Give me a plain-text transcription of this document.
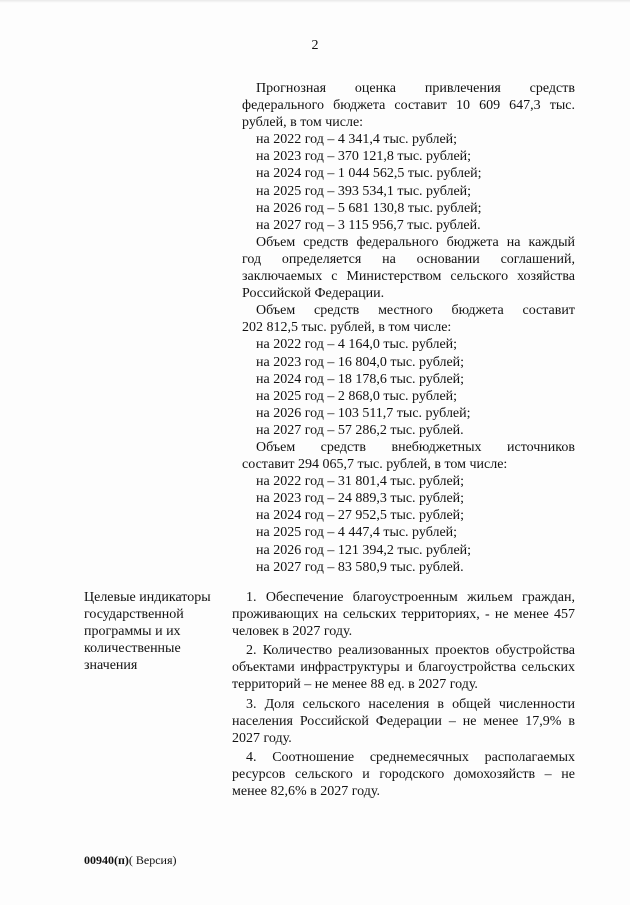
2

Прогнозная оценка привлечения средств

федерального бюджета составит 10 609 647,3 тыс.

рублей, в том числе:

на 2022 год – 4 341,4 тыс. рублей;
на 2023 год – 370 121,8 тыс. рублей;
на 2024 год – 1 044 562,5 тыс. рублей;
на 2025 год – 393 534,1 тыс. рублей;
на 2026 год – 5 681 130,8 тыс. рублей;
на 2027 год – 3 115 956,7 тыс. рублей.

Объем средств федерального бюджета на каждый год определяется на основании соглашений, заключаемых с Министерством сельского хозяйства Российской Федерации.

Объем средств местного бюджета составит

202 812,5 тыс. рублей, в том числе:

на 2022 год – 4 164,0 тыс. рублей;
на 2023 год – 16 804,0 тыс. рублей;
на 2024 год – 18 178,6 тыс. рублей;
на 2025 год – 2 868,0 тыс. рублей;
на 2026 год – 103 511,7 тыс. рублей;
на 2027 год – 57 286,2 тыс. рублей.

Объем средств внебюджетных источников

составит 294 065,7 тыс. рублей, в том числе:

на 2022 год – 31 801,4 тыс. рублей;
на 2023 год – 24 889,3 тыс. рублей;
на 2024 год – 27 952,5 тыс. рублей;
на 2025 год – 4 447,4 тыс. рублей;
на 2026 год – 121 394,2 тыс. рублей;
на 2027 год – 83 580,9 тыс. рублей.
Целевые индикаторы государственной программы и их количественные значения

1. Обеспечение благоустроенным жильем граждан, проживающих на сельских территориях, - не менее 457 человек в 2027 году.

2. Количество реализованных проектов обустройства объектами инфраструктуры и благоустройства сельских территорий – не менее 88 ед. в 2027 году.

3. Доля сельского населения в общей численности населения Российской Федерации – не менее 17,9% в 2027 году.

4. Соотношение среднемесячных располагаемых ресурсов сельского и городского домохозяйств – не менее 82,6% в 2027 году.

00940(п)( Версия)
